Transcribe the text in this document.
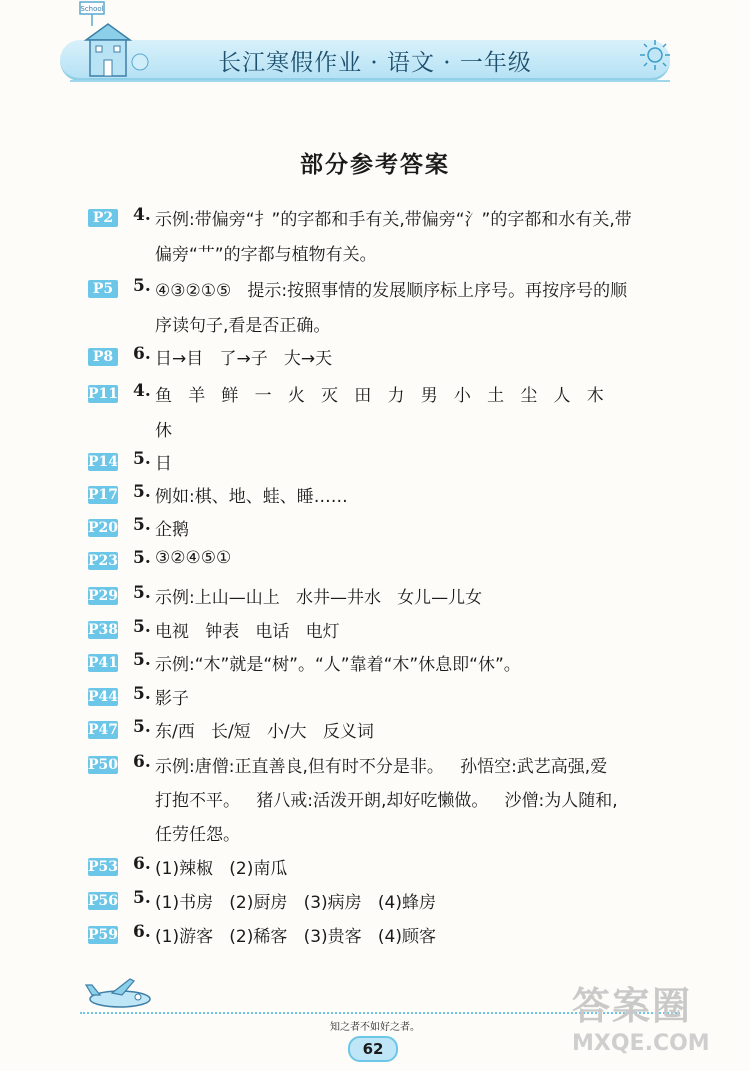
School
长江寒假作业 · 语文 · 一年级
部分参考答案
P2 4. 示例:带偏旁“扌”的字都和手有关,带偏旁“氵”的字都和水有关,带
偏旁“艹”的字都与植物有关。
P5 5. ④③②①⑤   提示:按照事情的发展顺序标上序号。再按序号的顺
序读句子,看是否正确。
P8 6. 日→目   了→子   大→天
P11 4. 鱼   羊   鲜   一   火   灭   田   力   男   小   土   尘   人   木
休
P14 5. 日
P17 5. 例如:棋、地、蛙、睡……
P20 5. 企鹅
P23 5. ③②④⑤①
P29 5. 示例:上山—山上   水井—井水   女儿—儿女
P38 5. 电视   钟表   电话   电灯
P41 5. 示例:“木”就是“树”。“人”靠着“木”休息即“休”。
P44 5. 影子
P47 5. 东/西   长/短   小/大   反义词
P50 6. 示例:唐僧:正直善良,但有时不分是非。   孙悟空:武艺高强,爱
打抱不平。   猪八戒:活泼开朗,却好吃懒做。   沙僧:为人随和,
任劳任怨。
P53 6. (1)辣椒   (2)南瓜
P56 5. (1)书房   (2)厨房   (3)病房   (4)蜂房
P59 6. (1)游客   (2)稀客   (3)贵客   (4)顾客
知之者不如好之者。
62
答案圈
MXQE.COM
